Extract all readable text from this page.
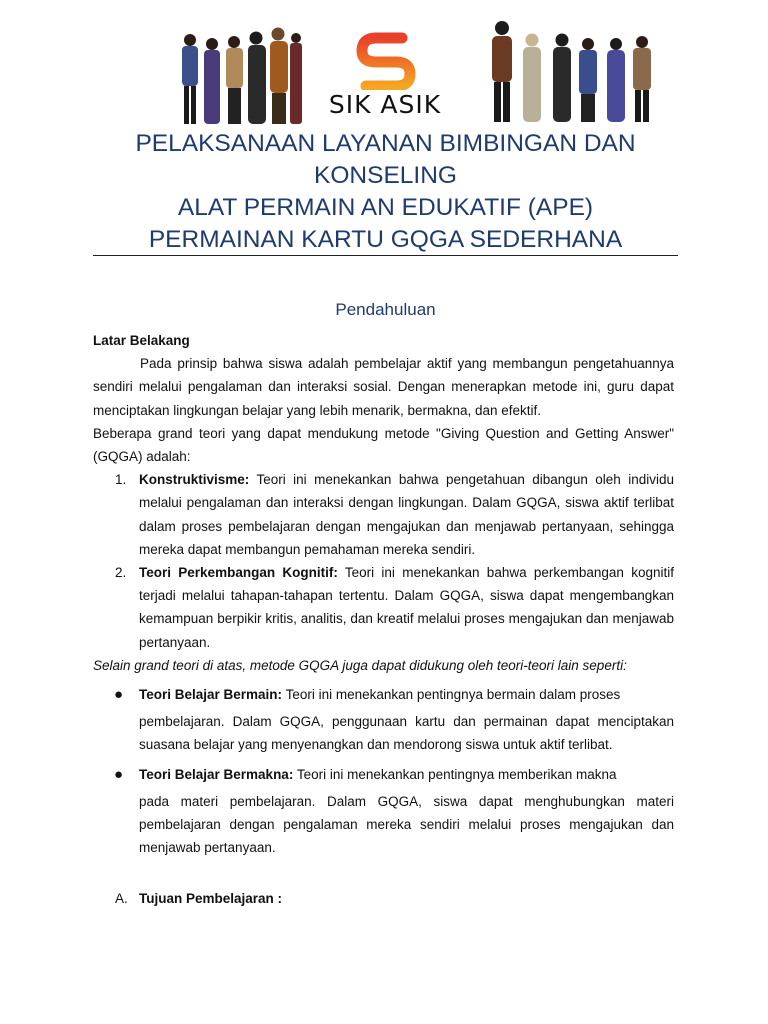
SIK ASIK
PELAKSANAAN LAYANAN BIMBINGAN DAN
KONSELING
ALAT PERMAIN AN EDUKATIF (APE)
PERMAINAN KARTU GQGA SEDERHANA
Pendahuluan

Latar Belakang

Pada prinsip bahwa siswa adalah pembelajar aktif yang membangun pengetahuannya sendiri melalui pengalaman dan interaksi sosial. Dengan menerapkan metode ini, guru dapat menciptakan lingkungan belajar yang lebih menarik, bermakna, dan efektif.

Beberapa grand teori yang dapat mendukung metode "Giving Question and Getting Answer" (GQGA) adalah:

1. Konstruktivisme: Teori ini menekankan bahwa pengetahuan dibangun oleh individu melalui pengalaman dan interaksi dengan lingkungan. Dalam GQGA, siswa aktif terlibat dalam proses pembelajaran dengan mengajukan dan menjawab pertanyaan, sehingga mereka dapat membangun pemahaman mereka sendiri.
2. Teori Perkembangan Kognitif: Teori ini menekankan bahwa perkembangan kognitif terjadi melalui tahapan-tahapan tertentu. Dalam GQGA, siswa dapat mengembangkan kemampuan berpikir kritis, analitis, dan kreatif melalui proses mengajukan dan menjawab pertanyaan.

Selain grand teori di atas, metode GQGA juga dapat didukung oleh teori-teori lain seperti:

● Teori Belajar Bermain: Teori ini menekankan pentingnya bermain dalam proses
pembelajaran. Dalam GQGA, penggunaan kartu dan permainan dapat menciptakan suasana belajar yang menyenangkan dan mendorong siswa untuk aktif terlibat.
● Teori Belajar Bermakna: Teori ini menekankan pentingnya memberikan makna
pada materi pembelajaran. Dalam GQGA, siswa dapat menghubungkan materi pembelajaran dengan pengalaman mereka sendiri melalui proses mengajukan dan menjawab pertanyaan.
A. Tujuan Pembelajaran :
